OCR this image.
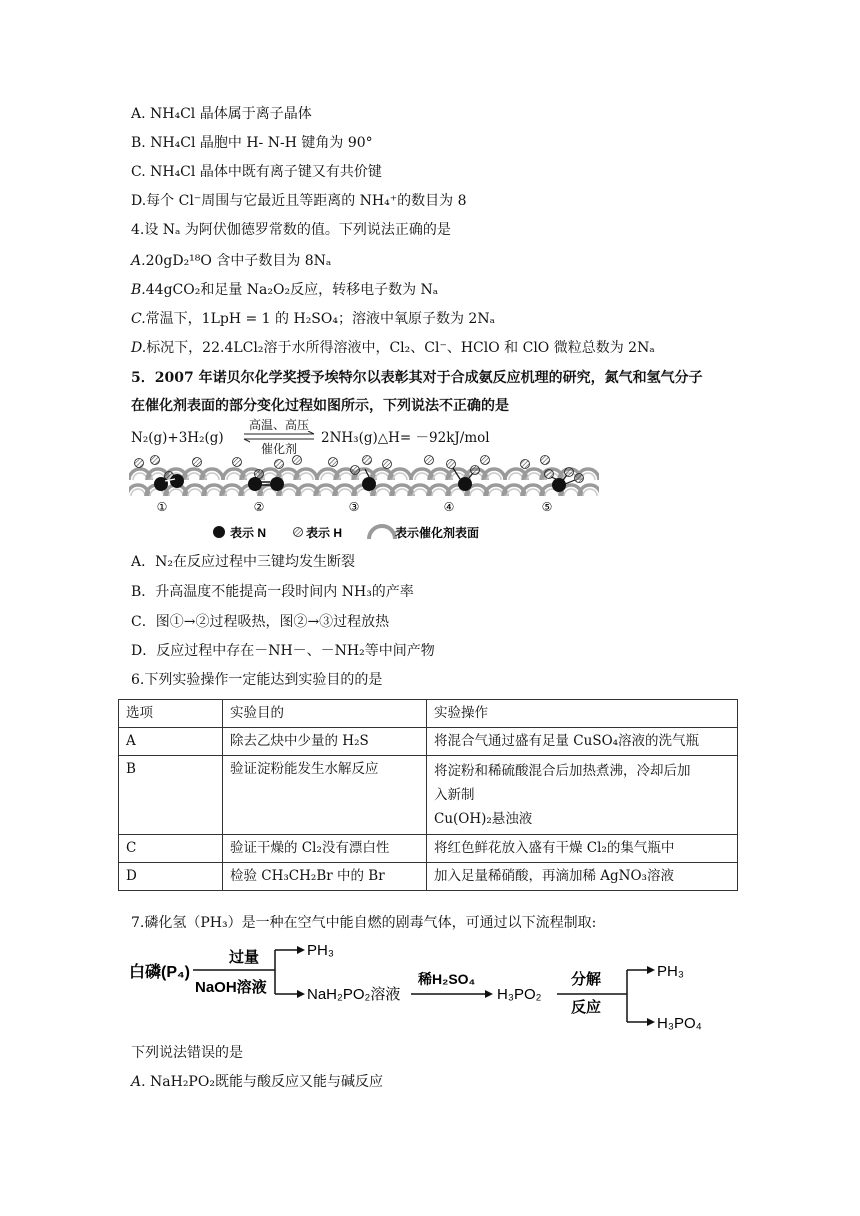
A. NH₄Cl 晶体属于离子晶体
B. NH₄Cl 晶胞中 H- N-H 键角为 90°
C. NH₄Cl 晶体中既有离子键又有共价键
D.每个 Cl⁻周围与它最近且等距离的 NH₄⁺的数目为 8
4.设 Nₐ 为阿伏伽德罗常数的值。下列说法正确的是
A.20gD₂¹⁸O 含中子数目为 8Nₐ
B.44gCO₂和足量 Na₂O₂反应，转移电子数为 Nₐ
C.常温下，1LpH = 1 的 H₂SO₄；溶液中氧原子数为 2Nₐ
D.标况下，22.4LCl₂溶于水所得溶液中，Cl₂、Cl⁻、HClO 和 ClO 微粒总数为 2Nₐ
5．2007 年诺贝尔化学奖授予埃特尔以表彰其对于合成氨反应机理的研究，氮气和氢气分子
在催化剂表面的部分变化过程如图所示，下列说法不正确的是
N₂(g)+3H₂(g)
高温、高压
催化剂
2NH₃(g)△H= －92kJ/mol
①	②	③	④	⑤
表示 N	表示 H	表示催化剂表面
A．N₂在反应过程中三键均发生断裂
B．升高温度不能提高一段时间内 NH₃的产率
C．图①→②过程吸热，图②→③过程放热
D．反应过程中存在－NH－、－NH₂等中间产物
6.下列实验操作一定能达到实验目的的是
选项	实验目的	实验操作
A	除去乙炔中少量的 H₂S	将混合气通过盛有足量 CuSO₄溶液的洗气瓶
B	验证淀粉能发生水解反应	将淀粉和稀硫酸混合后加热煮沸，冷却后加
入新制
Cu(OH)₂悬浊液

C	验证干燥的 Cl₂没有漂白性	将红色鲜花放入盛有干燥 Cl₂的集气瓶中
D	检验 CH₃CH₂Br 中的 Br	加入足量稀硝酸，再滴加稀 AgNO₃溶液
7.磷化氢（PH₃）是一种在空气中能自燃的剧毒气体，可通过以下流程制取:
白磷(P₄)
过量
NaOH溶液
PH₃
NaH₂PO₂溶液
稀H₂SO₄
H₃PO₂
分解
反应
PH₃
H₃PO₄
下列说法错误的是
A. NaH₂PO₂既能与酸反应又能与碱反应
